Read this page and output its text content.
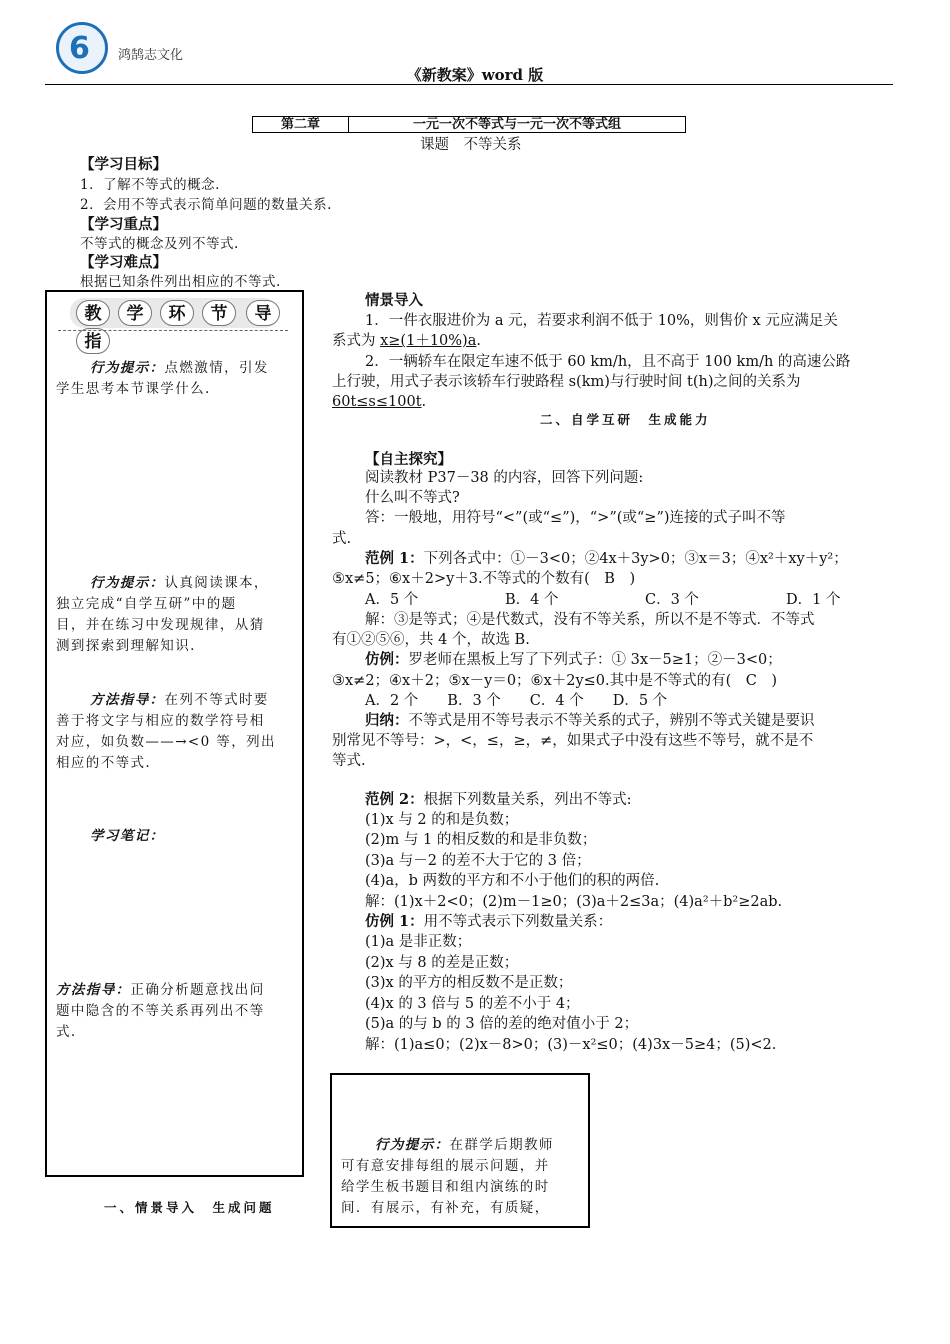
6 鸿鹄志文化
《新教案》word 版
第二章	一元一次不等式与一元一次不等式组
课题　不等关系
【学习目标】
1．了解不等式的概念.
2．会用不等式表示简单问题的数量关系.
【学习重点】
不等式的概念及列不等式.
【学习难点】
根据已知条件列出相应的不等式.
教 学 环 节指
导
行为提示：点燃激情，引发
学生思考本节课学什么.
行为提示：认真阅读课本，
独立完成“自学互研”中的题
目，并在练习中发现规律，从猜
测到探索到理解知识.
方法指导：在列不等式时要
善于将文字与相应的数学符号相
对应，如负数——→<0 等，列出
相应的不等式.
学习笔记：
方法指导：正确分析题意找出问
题中隐含的不等关系再列出不等
式.
一、情景导入　生成问题
情景导入
1．一件衣服进价为 a 元，若要求利润不低于 10%，则售价 x 元应满足关
系式为 x≥(1＋10%)a.
2．一辆轿车在限定车速不低于 60 km/h，且不高于 100 km/h 的高速公路
上行驶，用式子表示该轿车行驶路程 s(km)与行驶时间 t(h)之间的关系为
60t≤s≤100t.
二、自学互研　生成能力
【自主探究】
阅读教材 P37－38 的内容，回答下列问题:
什么叫不等式?
答：一般地，用符号“<”(或“≤”)，“>”(或“≥”)连接的式子叫不等
式.
范例 1：下列各式中：①－3<0；②4x＋3y>0；③x＝3；④x²＋xy＋y²；
⑤x≠5；⑥x＋2>y＋3.不等式的个数有(　B　)
A．5 个	B．4 个	C．3 个	D．1 个
解：③是等式；④是代数式，没有不等关系，所以不是不等式．不等式
有①②⑤⑥，共 4 个，故选 B.
仿例：罗老师在黑板上写了下列式子：① 3x－5≥1；②－3<0；
③x≠2；④x＋2；⑤x－y＝0；⑥x＋2y≤0.其中是不等式的有(　C　)
A．2 个　　B．3 个　　C．4 个　　D．5 个
归纳：不等式是用不等号表示不等关系的式子，辨别不等式关键是要识
别常见不等号：>，<，≤，≥，≠，如果式子中没有这些不等号，就不是不
等式.
范例 2：根据下列数量关系，列出不等式:
(1)x 与 2 的和是负数；
(2)m 与 1 的相反数的和是非负数；
(3)a 与－2 的差不大于它的 3 倍；
(4)a，b 两数的平方和不小于他们的积的两倍.
解：(1)x＋2<0；(2)m－1≥0；(3)a＋2≤3a；(4)a²＋b²≥2ab.
仿例 1：用不等式表示下列数量关系：
(1)a 是非正数；
(2)x 与 8 的差是正数；
(3)x 的平方的相反数不是正数；
(4)x 的 3 倍与 5 的差不小于 4；
(5)a 的与 b 的 3 倍的差的绝对值小于 2；
解：(1)a≤0；(2)x－8>0；(3)－x²≤0；(4)3x－5≥4；(5)<2.
行为提示：在群学后期教师
可有意安排每组的展示问题，并
给学生板书题目和组内演练的时
间．有展示，有补充，有质疑，
